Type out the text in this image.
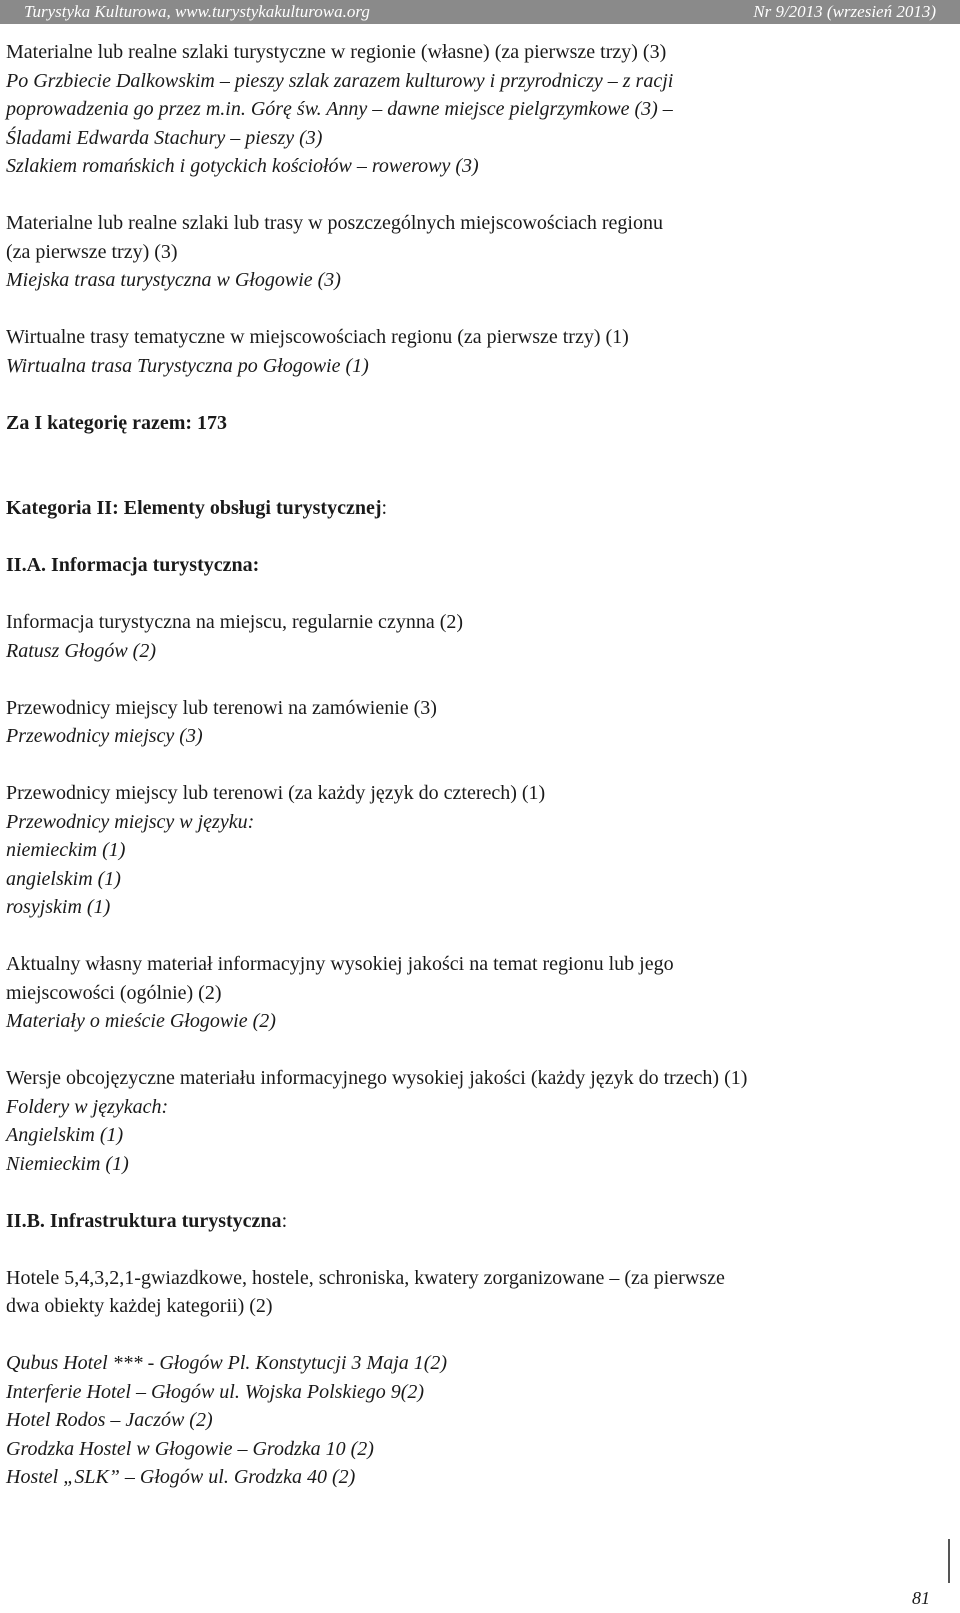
Turystyka Kulturowa, www.turystykakulturowa.org	Nr 9/2013 (wrzesień 2013)
Materialne lub realne szlaki turystyczne w regionie (własne) (za pierwsze trzy) (3)
Po Grzbiecie Dalkowskim – pieszy szlak zarazem kulturowy i przyrodniczy – z racji
poprowadzenia go przez m.in. Górę św. Anny – dawne miejsce pielgrzymkowe (3) –
Śladami Edwarda Stachury – pieszy (3)
Szlakiem romańskich i gotyckich kościołów – rowerowy (3)
Materialne lub realne szlaki lub trasy w poszczególnych miejscowościach regionu
(za pierwsze trzy) (3)
Miejska trasa turystyczna w Głogowie (3)
Wirtualne trasy tematyczne w miejscowościach regionu (za pierwsze trzy) (1)
Wirtualna trasa Turystyczna po Głogowie (1)
Za I kategorię razem: 173
Kategoria II: Elementy obsługi turystycznej:
II.A. Informacja turystyczna:
Informacja turystyczna na miejscu, regularnie czynna (2)
Ratusz Głogów (2)
Przewodnicy miejscy lub terenowi na zamówienie (3)
Przewodnicy miejscy (3)
Przewodnicy miejscy lub terenowi (za każdy język do czterech) (1)
Przewodnicy miejscy w języku:
niemieckim (1)
angielskim (1)
rosyjskim (1)
Aktualny własny materiał informacyjny wysokiej jakości na temat regionu lub jego
miejscowości (ogólnie) (2)
Materiały o mieście Głogowie (2)
Wersje obcojęzyczne materiału informacyjnego wysokiej jakości (każdy język do trzech) (1)
Foldery w językach:
Angielskim (1)
Niemieckim (1)
II.B. Infrastruktura turystyczna:
Hotele 5,4,3,2,1-gwiazdkowe, hostele, schroniska, kwatery zorganizowane – (za pierwsze
dwa obiekty każdej kategorii) (2)
Qubus Hotel *** - Głogów Pl. Konstytucji 3 Maja 1(2)
Interferie Hotel – Głogów ul. Wojska Polskiego 9(2)
Hotel Rodos – Jaczów (2)
Grodzka Hostel w Głogowie – Grodzka 10 (2)
Hostel „SLK” – Głogów ul. Grodzka 40 (2)
81
